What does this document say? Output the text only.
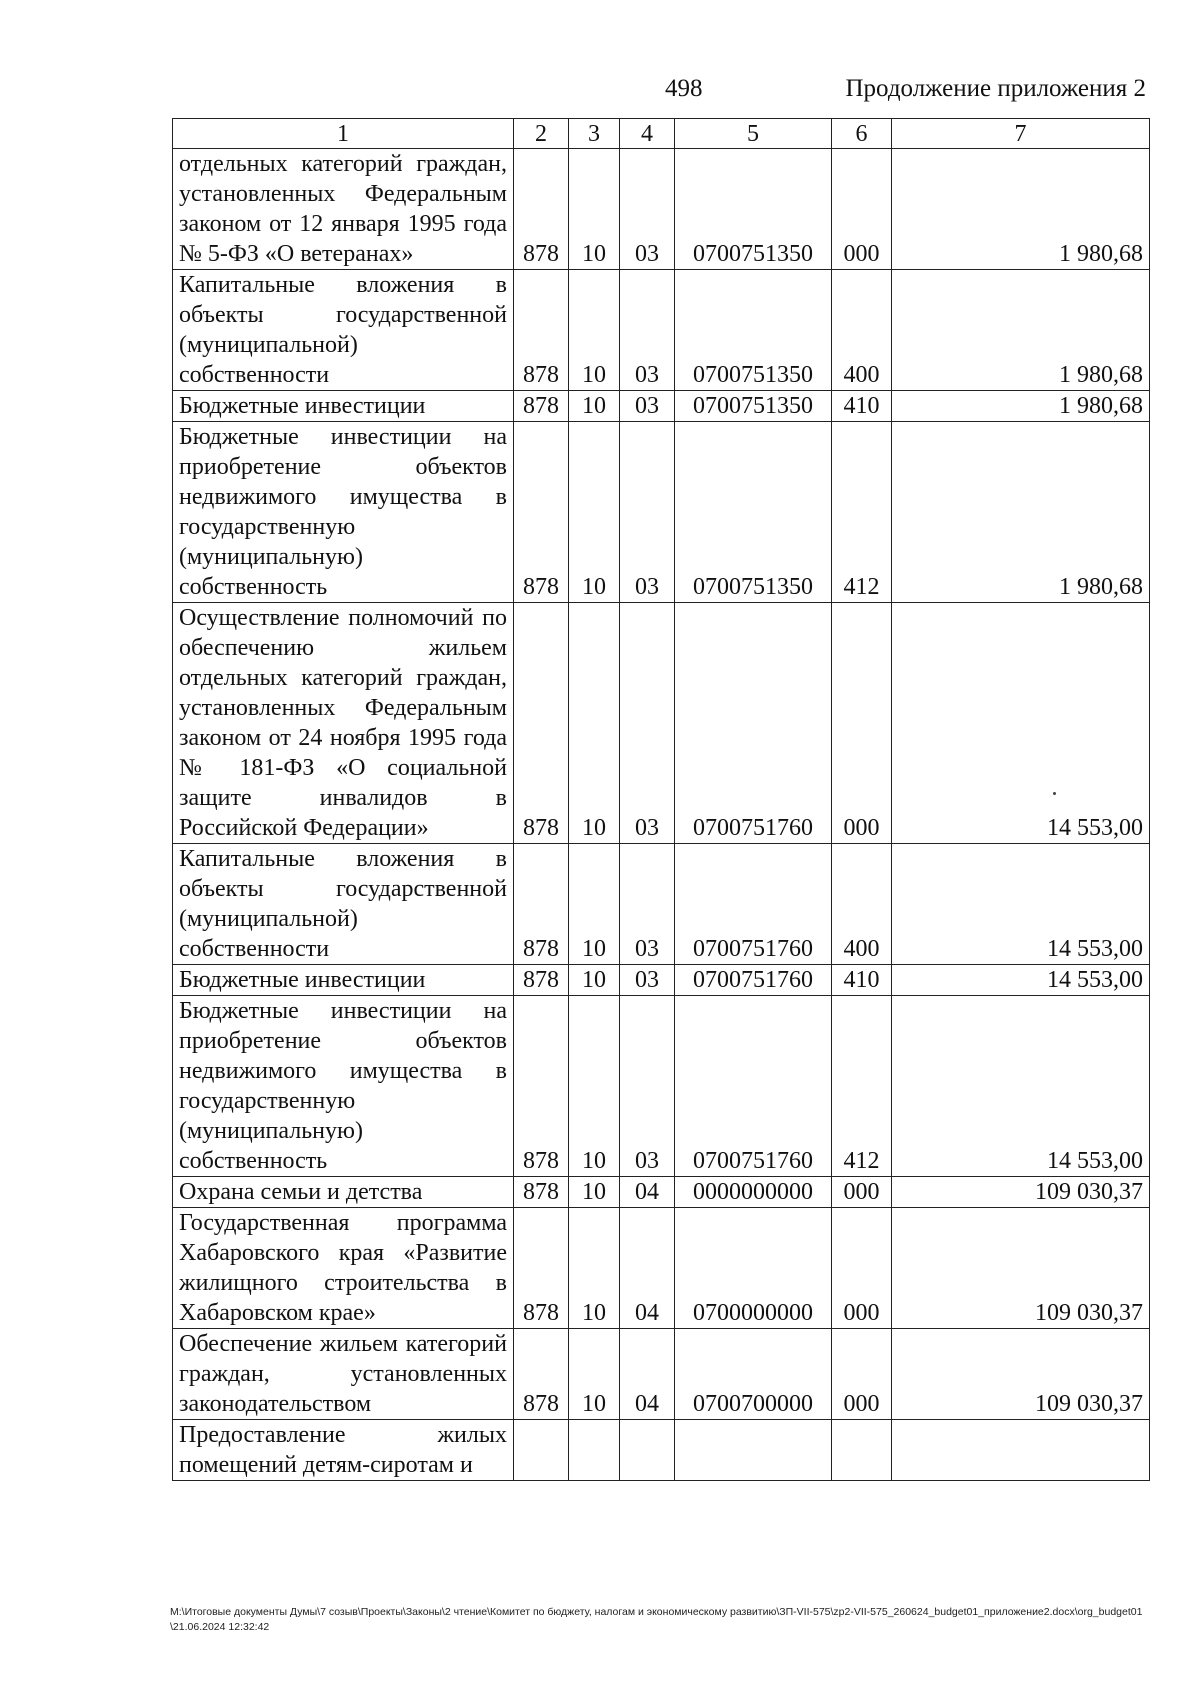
498	Продолжение приложения 2
1	2	3	4	5	6	7
отдельных категорий граждан, установленных Федеральным законом от 12 января 1995 года № 5-ФЗ «О ветеранах»	878	10	03	0700751350	000	1 980,68
Капитальные вложения в объекты государственной (муниципальной) собственности	878	10	03	0700751350	400	1 980,68
Бюджетные инвестиции	878	10	03	0700751350	410	1 980,68
Бюджетные инвестиции на приобретение объектов недвижимого имущества в государственную (муниципальную) собственность	878	10	03	0700751350	412	1 980,68
Осуществление полномочий по обеспечению жильем отдельных категорий граждан, установленных Федеральным законом от 24 ноября 1995 года № 181-ФЗ «О социальной защите инвалидов в Российской Федерации»	878	10	03	0700751760	000	14 553,00
Капитальные вложения в объекты государственной (муниципальной) собственности	878	10	03	0700751760	400	14 553,00
Бюджетные инвестиции	878	10	03	0700751760	410	14 553,00
Бюджетные инвестиции на приобретение объектов недвижимого имущества в государственную (муниципальную) собственность	878	10	03	0700751760	412	14 553,00
Охрана семьи и детства	878	10	04	0000000000	000	109 030,37
Государственная программа Хабаровского края «Развитие жилищного строительства в Хабаровском крае»	878	10	04	0700000000	000	109 030,37
Обеспечение жильем категорий граждан, установленных законодательством	878	10	04	0700700000	000	109 030,37
Предоставление жилых помещений детям-сиротам и						
M:\Итоговые документы Думы\7 созыв\Проекты\Законы\2 чтение\Комитет по бюджету, налогам и экономическому развитию\ЗП-VII-575\zp2-VII-575_260624_budget01_приложение2.docx\org_budget01\21.06.2024 12:32:42
